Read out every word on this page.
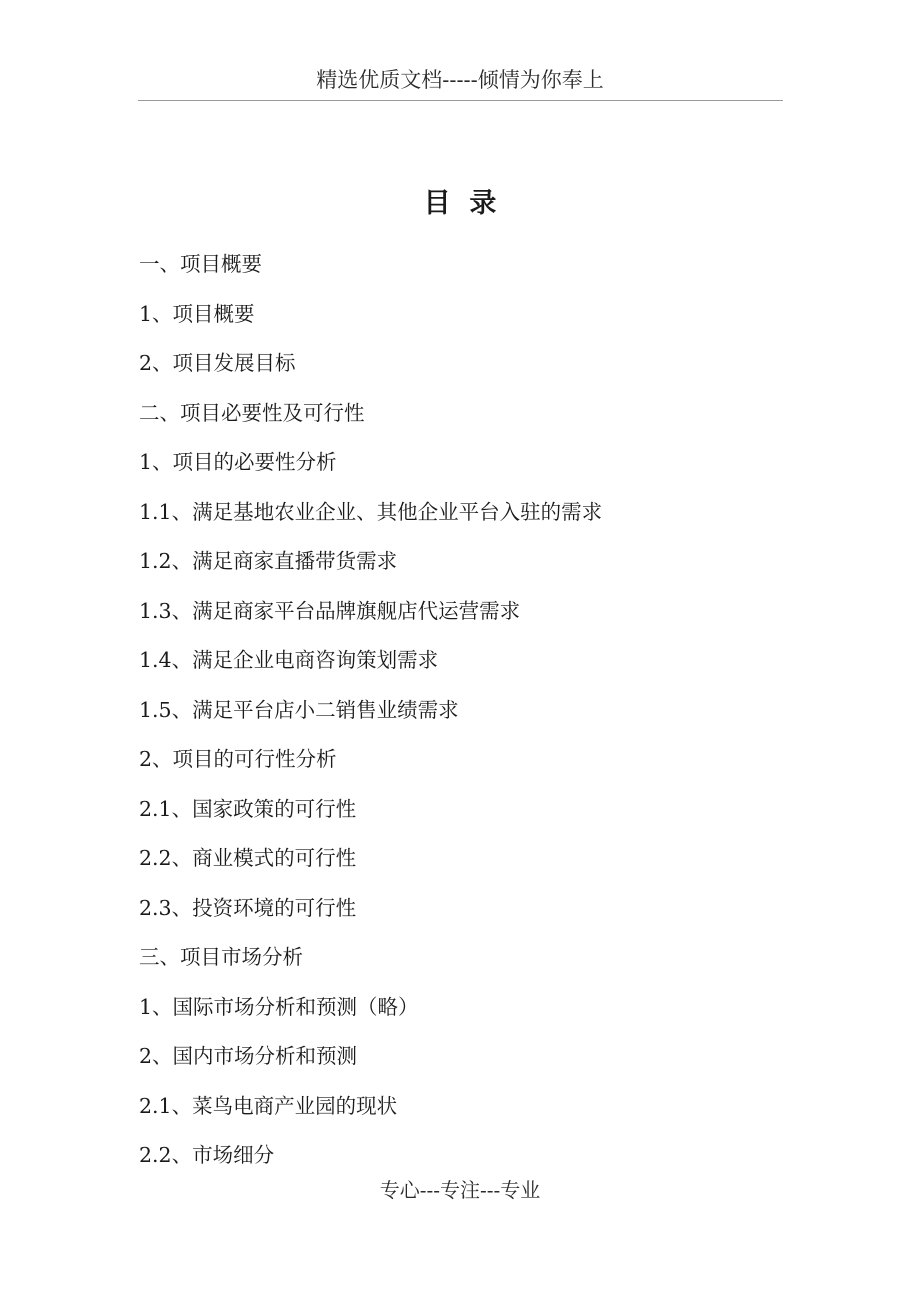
精选优质文档-----倾情为你奉上
目  录
一、项目概要
1、项目概要
2、项目发展目标
二、项目必要性及可行性
1、项目的必要性分析
1.1、满足基地农业企业、其他企业平台入驻的需求
1.2、满足商家直播带货需求
1.3、满足商家平台品牌旗舰店代运营需求
1.4、满足企业电商咨询策划需求
1.5、满足平台店小二销售业绩需求
2、项目的可行性分析
2.1、国家政策的可行性
2.2、商业模式的可行性
2.3、投资环境的可行性
三、项目市场分析
1、国际市场分析和预测（略）
2、国内市场分析和预测
2.1、菜鸟电商产业园的现状
2.2、市场细分
专心---专注---专业
